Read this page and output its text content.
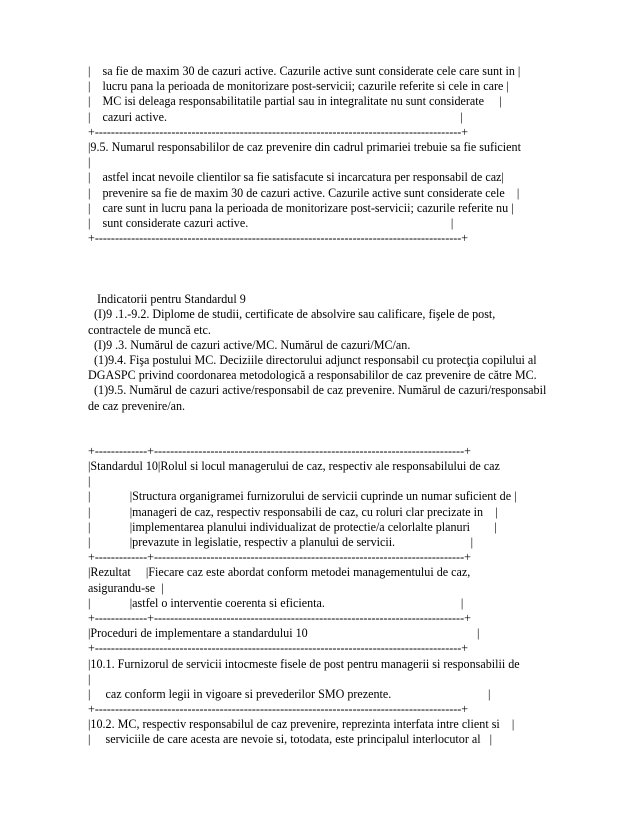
|    sa fie de maxim 30 de cazuri active. Cazurile active sunt considerate cele care sunt in |
|    lucru pana la perioada de monitorizare post-servicii; cazurile referite si cele in care |
|    MC isi deleaga responsabilitatile partial sau in integralitate nu sunt considerate     |
|    cazuri active.                                                                                                 |
+-------------------------------------------------------------------------------------------+
|9.5. Numarul responsabililor de caz prevenire din cadrul primariei trebuie sa fie suficient
|
|    astfel incat nevoile clientilor sa fie satisfacute si incarcatura per responsabil de caz|
|    prevenire sa fie de maxim 30 de cazuri active. Cazurile active sunt considerate cele    |
|    care sunt in lucru pana la perioada de monitorizare post-servicii; cazurile referite nu |
|    sunt considerate cazuri active.                                                                   |
+-------------------------------------------------------------------------------------------+
Indicatorii pentru Standardul 9
(I)9 .1.-9.2. Diplome de studii, certificate de absolvire sau calificare, fişele de post, contractele de muncă etc.
(I)9 .3. Numărul de cazuri active/MC. Numărul de cazuri/MC/an.
(1)9.4. Fişa postului MC. Deciziile directorului adjunct responsabil cu protecţia copilului al DGASPC privind coordonarea metodologică a responsabililor de caz prevenire de către MC.
(1)9.5. Numărul de cazuri active/responsabil de caz prevenire. Numărul de cazuri/responsabil de caz prevenire/an.
+-------------+-----------------------------------------------------------------------------+
|Standardul 10|Rolul si locul managerului de caz, respectiv ale responsabilului de caz
|
|             |Structura organigramei furnizorului de servicii cuprinde un numar suficient de |
|             |manageri de caz, respectiv responsabili de caz, cu roluri clar precizate in    |
|             |implementarea planului individualizat de protectie/a celorlalte planuri        |
|             |prevazute in legislatie, respectiv a planului de servicii.                         |
+-------------+-----------------------------------------------------------------------------+
|Rezultat     |Fiecare caz este abordat conform metodei managementului de caz,
asigurandu-se  |
|             |astfel o interventie coerenta si eficienta.                                             |
+-------------+-----------------------------------------------------------------------------+
|Proceduri de implementare a standardului 10                                                        |
+-------------------------------------------------------------------------------------------+
|10.1. Furnizorul de servicii intocmeste fisele de post pentru managerii si responsabilii de
|
|     caz conform legii in vigoare si prevederilor SMO prezente.                                |
+-------------------------------------------------------------------------------------------+
|10.2. MC, respectiv responsabilul de caz prevenire, reprezinta interfata intre client si    |
|     serviciile de care acesta are nevoie si, totodata, este principalul interlocutor al   |
